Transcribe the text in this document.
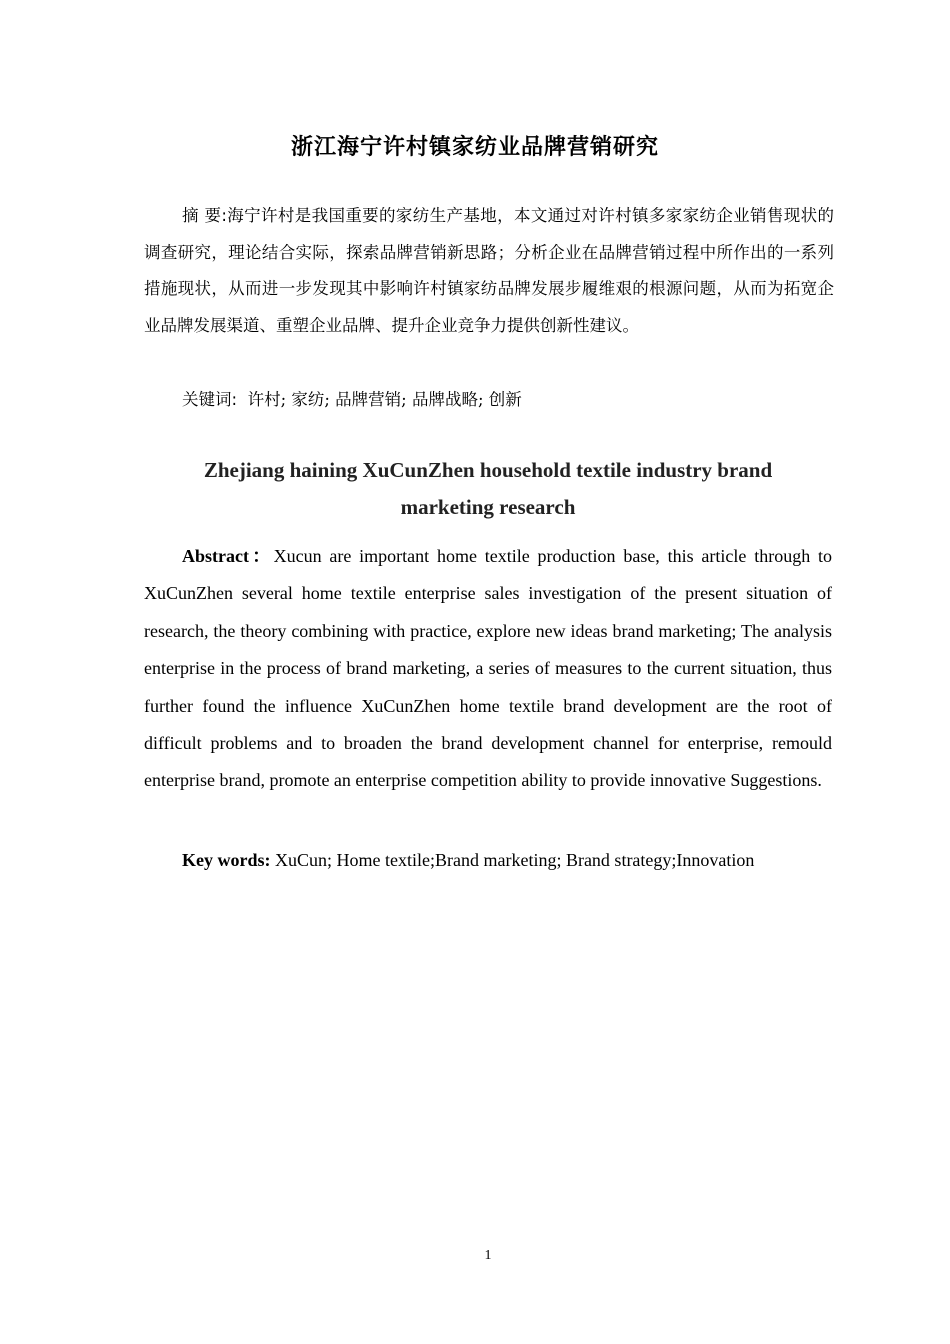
浙江海宁许村镇家纺业品牌营销研究
摘 要:海宁许村是我国重要的家纺生产基地，本文通过对许村镇多家家纺企业销售现状的调查研究，理论结合实际，探索品牌营销新思路；分析企业在品牌营销过程中所作出的一系列措施现状，从而进一步发现其中影响许村镇家纺品牌发展步履维艰的根源问题，从而为拓宽企业品牌发展渠道、重塑企业品牌、提升企业竞争力提供创新性建议。
关键词: 许村; 家纺; 品牌营销; 品牌战略; 创新
Zhejiang haining XuCunZhen household textile industry brand
marketing research
Abstract：Xucun are important home textile production base, this article through to XuCunZhen several home textile enterprise sales investigation of the present situation of research, the theory combining with practice, explore new ideas brand marketing; The analysis enterprise in the process of brand marketing, a series of measures to the current situation, thus further found the influence XuCunZhen home textile brand development are the root of difficult problems and to broaden the brand development channel for enterprise, remould enterprise brand, promote an enterprise competition ability to provide innovative Suggestions.
Key words: XuCun; Home textile;Brand marketing; Brand strategy;Innovation
1
